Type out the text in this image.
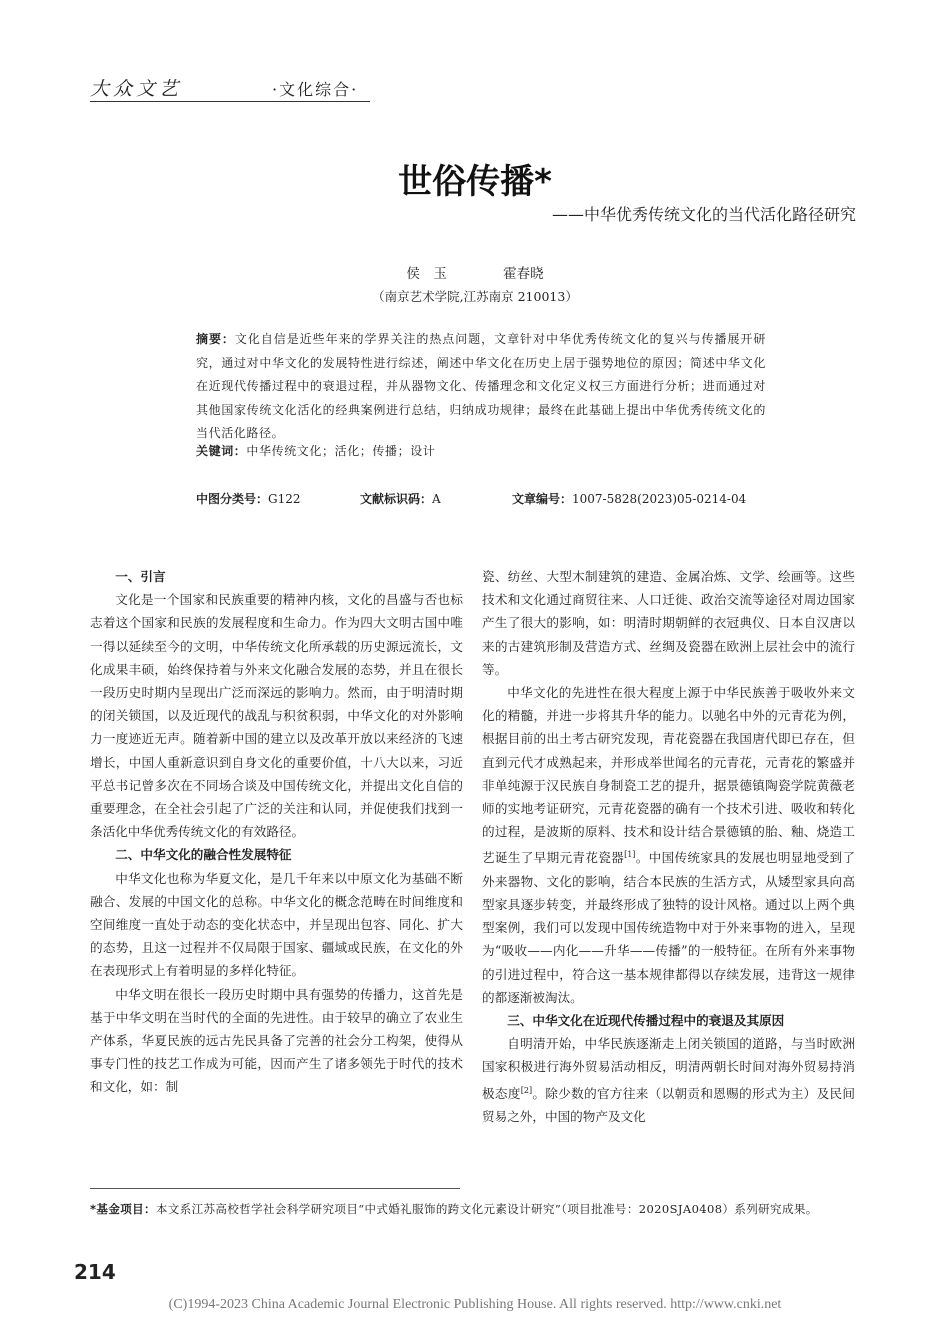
大众文艺	·文化综合·
世俗传播*
——中华优秀传统文化的当代活化路径研究
侯　玉	霍春晓
（南京艺术学院,江苏南京 210013）
摘要：文化自信是近些年来的学界关注的热点问题，文章针对中华优秀传统文化的复兴与传播展开研究，通过对中华文化的发展特性进行综述，阐述中华文化在历史上居于强势地位的原因；简述中华文化在近现代传播过程中的衰退过程，并从器物文化、传播理念和文化定义权三方面进行分析；进而通过对其他国家传统文化活化的经典案例进行总结，归纳成功规律；最终在此基础上提出中华优秀传统文化的当代活化路径。
关键词：中华传统文化；活化；传播；设计
中图分类号：G122	文献标识码：A	文章编号：1007-5828(2023)05-0214-04
一、引言

文化是一个国家和民族重要的精神内核，文化的昌盛与否也标志着这个国家和民族的发展程度和生命力。作为四大文明古国中唯一得以延续至今的文明，中华传统文化所承载的历史源远流长，文化成果丰硕，始终保持着与外来文化融合发展的态势，并且在很长一段历史时期内呈现出广泛而深远的影响力。然而，由于明清时期的闭关锁国，以及近现代的战乱与积贫积弱，中华文化的对外影响力一度迹近无声。随着新中国的建立以及改革开放以来经济的飞速增长，中国人重新意识到自身文化的重要价值，十八大以来，习近平总书记曾多次在不同场合谈及中国传统文化，并提出文化自信的重要理念，在全社会引起了广泛的关注和认同，并促使我们找到一条活化中华优秀传统文化的有效路径。

二、中华文化的融合性发展特征

中华文化也称为华夏文化，是几千年来以中原文化为基础不断融合、发展的中国文化的总称。中华文化的概念范畴在时间维度和空间维度一直处于动态的变化状态中，并呈现出包容、同化、扩大的态势，且这一过程并不仅局限于国家、疆域或民族，在文化的外在表现形式上有着明显的多样化特征。

中华文明在很长一段历史时期中具有强势的传播力，这首先是基于中华文明在当时代的全面的先进性。由于较早的确立了农业生产体系，华夏民族的远古先民具备了完善的社会分工构架，使得从事专门性的技艺工作成为可能，因而产生了诸多领先于时代的技术和文化，如：制

瓷、纺丝、大型木制建筑的建造、金属冶炼、文学、绘画等。这些技术和文化通过商贸往来、人口迁徙、政治交流等途径对周边国家产生了很大的影响，如：明清时期朝鲜的衣冠典仪、日本自汉唐以来的古建筑形制及营造方式、丝绸及瓷器在欧洲上层社会中的流行等。

中华文化的先进性在很大程度上源于中华民族善于吸收外来文化的精髓，并进一步将其升华的能力。以驰名中外的元青花为例，根据目前的出土考古研究发现，青花瓷器在我国唐代即已存在，但直到元代才成熟起来，并形成举世闻名的元青花，元青花的繁盛并非单纯源于汉民族自身制瓷工艺的提升，据景德镇陶瓷学院黄薇老师的实地考证研究，元青花瓷器的确有一个技术引进、吸收和转化的过程，是波斯的原料、技术和设计结合景德镇的胎、釉、烧造工艺诞生了早期元青花瓷器[1]。中国传统家具的发展也明显地受到了外来器物、文化的影响，结合本民族的生活方式，从矮型家具向高型家具逐步转变，并最终形成了独特的设计风格。通过以上两个典型案例，我们可以发现中国传统造物中对于外来事物的进入，呈现为“吸收——内化——升华——传播”的一般特征。在所有外来事物的引进过程中，符合这一基本规律都得以存续发展，违背这一规律的都逐渐被淘汰。

三、中华文化在近现代传播过程中的衰退及其原因

自明清开始，中华民族逐渐走上闭关锁国的道路，与当时欧洲国家积极进行海外贸易活动相反，明清两朝长时间对海外贸易持消极态度[2]。除少数的官方往来（以朝贡和恩赐的形式为主）及民间贸易之外，中国的物产及文化

*基金项目：本文系江苏高校哲学社会科学研究项目“中式婚礼服饰的跨文化元素设计研究”（项目批准号：2020SJA0408）系列研究成果。
214
(C)1994-2023 China Academic Journal Electronic Publishing House. All rights reserved. http://www.cnki.net
